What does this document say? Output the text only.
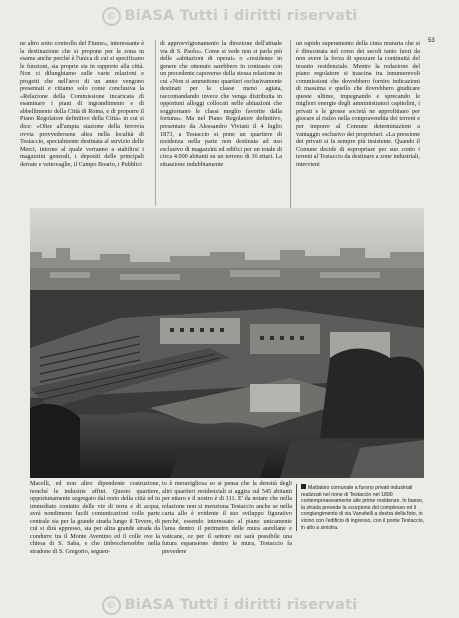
© BiASA Tutti i diritti riservati
53

ne altro sotto controllo del Fiume», interessante è la destinazione che si propone per la zona in esame anche perché è l'unica di cui si specificano le funzioni, sia proprie sia in rapporto alla città. Non ci dilunghiamo sulle varie relazioni e progetti che nell'arco di un anno vengono presentati e citiamo solo come conclusiva la «Relazione della Commissione incaricata di esaminare i piani di ingrandimento e di abbellimento della Città di Roma, e di proporre il Piano Regolatore definitivo della Città» in cui si dice: «Oltre all'ampia stazione della ferrovia ovvia provvedersene altra nella località di Testaccio, specialmente destinata al servizio delle Merci, intorno al quale verranno a stabilirsi i magazzini generali, i depositi delle principali derrate e vettovaglie, il Campo Boario, i Pubblici

di approvvigionamento la direzione dell'attuale via di S. Paolo». Come si vede non si parla più delle «abitazioni di operai» o «residenze in genere che ottenuto sarebbero in contrasto con un precedente capoverso della stessa relazione in cui «Non si ammettono quartieri esclusivamente destinati per la classe meno agiata, raccomandando invece che venga distribuita in opportuni alloggi collocati nelle abitazioni che soggiornano le classi meglio favorite dalla fortuna». Ma nel Piano Regolatore definitivo, presentato da Alessandro Viviani il 4 luglio 1873, a Testaccio si pone un quartiere di residenza nella parte non destinata ad uso esclusivo di magazzini ed edifici per un totale di circa 4.000 abitanti su un terreno di 36 ettari. La situazione indubbiamente

un rapido superamento della cinta muraria che si è dimostrata nel corso dei secoli tanto fuori da non avere la forza di spezzare la continuità del tessuto residenziale. Mentre la redazione del piano regolatore si trascina tra innumerevoli commissioni che dovrebbero fornire indicazioni di massima e quello che dovrebbero giudicare queste ultime, impegnando e sprecando le migliori energie degli amministratori capitolini, i privati e le grosse società ne approfittano per giocare al rialzo nella compravendita dei terreni e per imporre al Comune determinazioni a vantaggio esclusivo dei proprietari. «La pressione dei privati si fa sempre più insistente. Quando il Comune decide di espropriare per suo conto i terreni al Testaccio da destinare a zone industriali, intervieni

Macelli, ed non altro dipendente costruzione, nonché le industrie affini. Questo quartiere, opportunamente segregato dal resto della città ed in immediato contatto delle vie di terra e di acqua, avrà nondimeno facili comunicazioni colle parte centrale sia per la grande strada lungo il Tevere, di cui si dirà appresso, sia per altra grande strada da condurre tra il Monte Aventino ed il colle ove la chiesa di S. Saba, e che imbocchersebbe nella stradone di S. Gregorio, seguen-

to è meravigliosa so si pensa che la densità degli altri quartieri residenziali si aggira sul 545 abitanti per ettaro e il nostro è di 111. E' da notare che nella relazione non si menziona Testaccio anche se nella carta allo è evidente il suo sviluppo figurativo perché, essendo interessato al piano unicamente l'area dentro il perimetro delle mura aureliane e vaticane, ce per il settore est sarà possibile una futura espansione dentro le mura, Testaccio fa prevedere

Mattatoio comunale a furono privati industriali realizzati nel rione di Testaccio nel 1890 contemporaneamente alle prime residenze. In basso, la strada prevede la scorpione del complesso ed il congiungimento di via Vanvitelli a destra della foto, in vicino con l'edificio di ingresso, con il ponte Testaccio, in alto a sinistra.
© BiASA Tutti i diritti riservati
